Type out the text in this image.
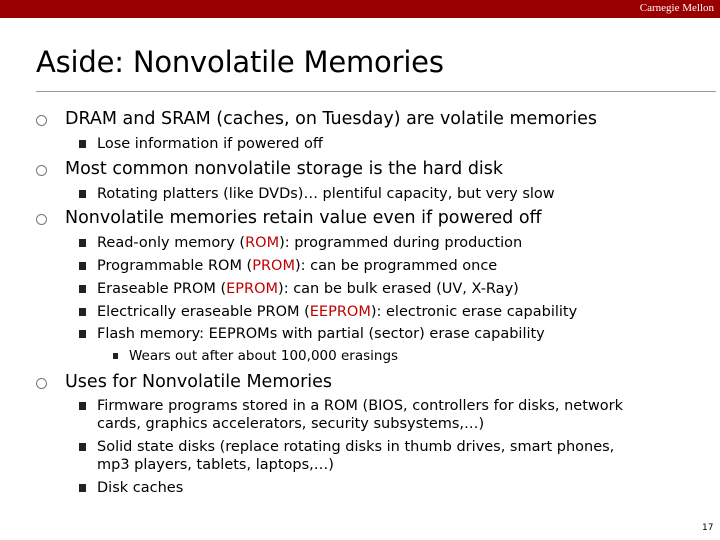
Carnegie Mellon
Aside: Nonvolatile Memories
DRAM and SRAM (caches, on Tuesday) are volatile memories
Lose information if powered off
Most common nonvolatile storage is the hard disk
Rotating platters (like DVDs)… plentiful capacity, but very slow
Nonvolatile memories retain value even if powered off
Read-only memory (ROM): programmed during production
Programmable ROM (PROM): can be programmed once
Eraseable PROM (EPROM): can be bulk erased (UV, X-Ray)
Electrically eraseable PROM (EEPROM): electronic erase capability
Flash memory: EEPROMs with partial (sector) erase capability
Wears out after about 100,000 erasings
Uses for Nonvolatile Memories
Firmware programs stored in a ROM (BIOS, controllers for disks, network
cards, graphics accelerators, security subsystems,…)
Solid state disks (replace rotating disks in thumb drives, smart phones,
mp3 players, tablets, laptops,…)
Disk caches
17
